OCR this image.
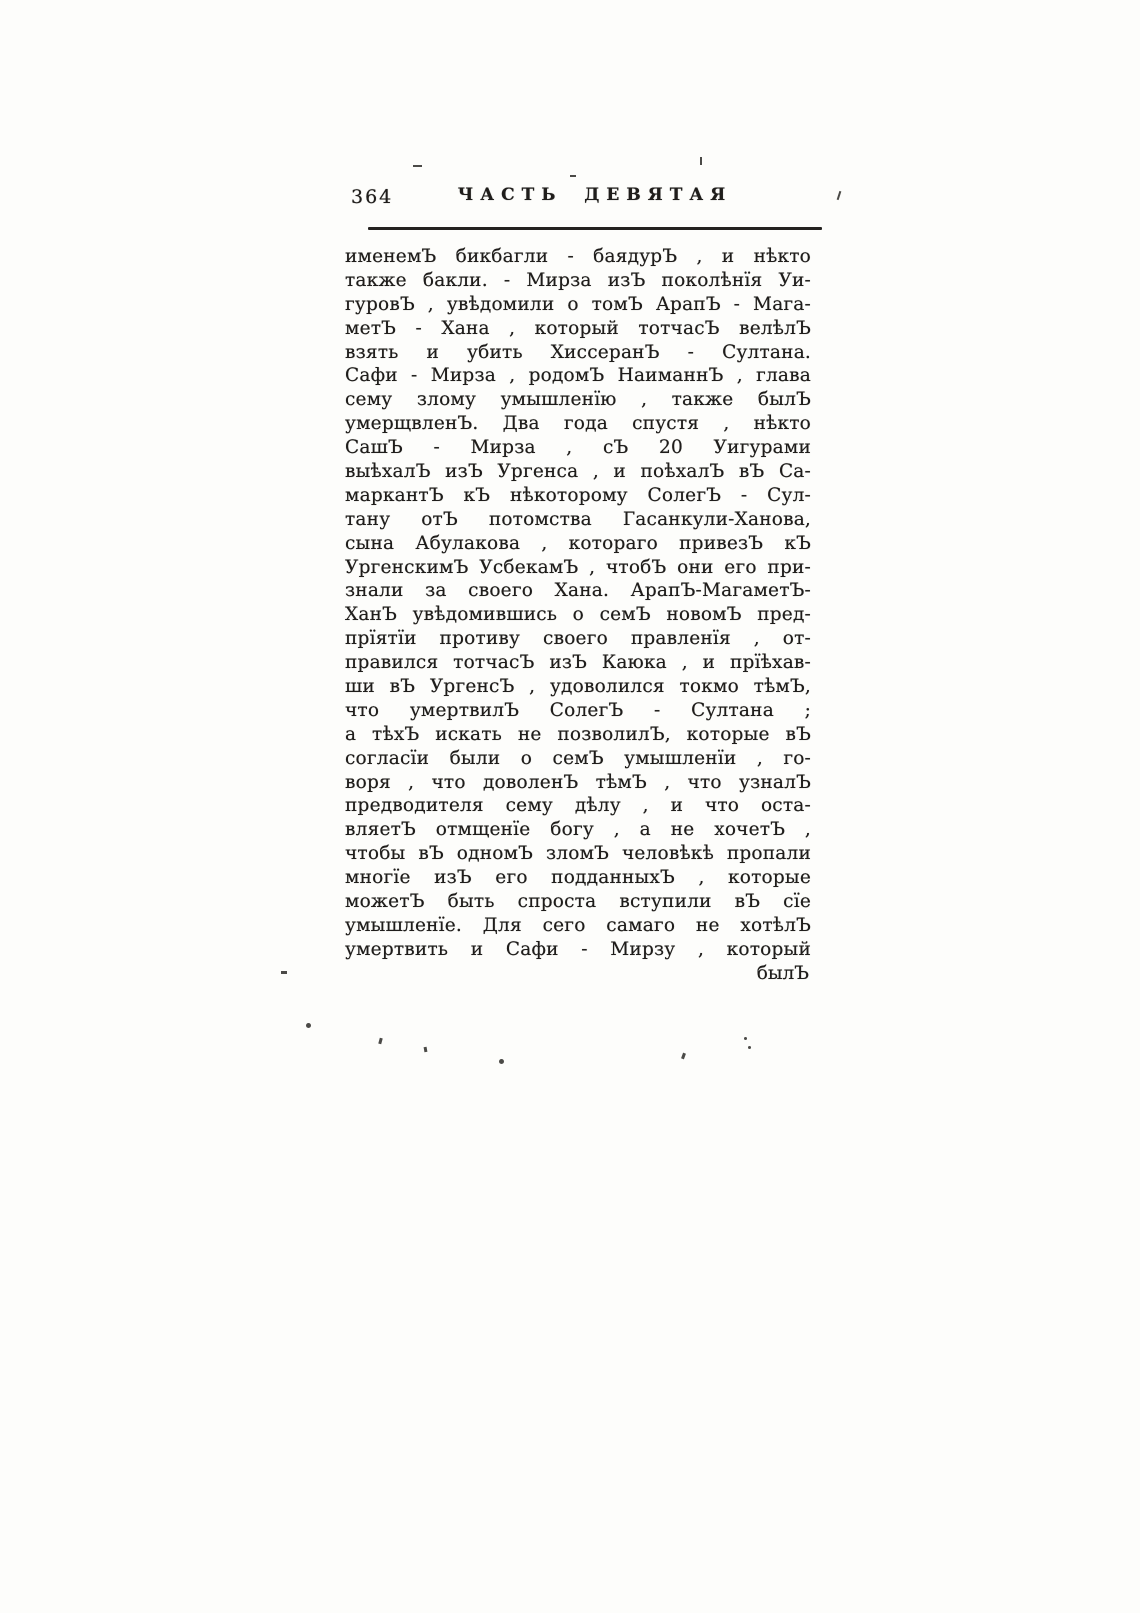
364	ЧАСТЬ ДЕВЯТАЯ
именемЪ бикбагли - баядурЪ , и нѣкто
также бакли. - Мирза изЪ поколѣнїя Уи-
гуровЪ , увѣдомили о томЪ АрапЪ - Мага-
метЪ - Хана , который тотчасЪ велѣлЪ
взять и убить ХиссеранЪ - Султана.
Сафи - Мирза , родомЪ НаиманнЪ , глава
сему злому умышленїю , также былЪ
умерщвленЪ. Два года спустя , нѣкто
СашЪ - Мирза , сЪ 20 Уигурами
выѣхалЪ изЪ Ургенса , и поѣхалЪ вЪ Са-
маркантЪ кЪ нѣкоторому СолегЪ - Сул-
тану отЪ потомства Гасанкули-Ханова,
сына Абулакова , котораго привезЪ кЪ
УргенскимЪ УсбекамЪ , чтобЪ они его при-
знали за своего Хана. АрапЪ-МагаметЪ-
ХанЪ увѣдомившись о семЪ новомЪ пред-
прїятїи противу своего правленїя , от-
правился тотчасЪ изЪ Каюка , и прїѣхав-
ши вЪ УргенсЪ , удоволился токмо тѣмЪ,
что умертвилЪ СолегЪ - Султана ;
а тѣхЪ искать не позволилЪ, которые вЪ
согласїи были о семЪ умышленїи , го-
воря , что доволенЪ тѣмЪ , что узналЪ
предводителя сему дѣлу , и что оста-
вляетЪ отмщенїе богу , а не хочетЪ ,
чтобы вЪ одномЪ зломЪ человѣкѣ пропали
многїе изЪ его подданныхЪ , которые
можетЪ быть спроста вступили вЪ сїе
умышленїе. Для сего самаго не хотѣлЪ
умертвить и Сафи - Мирзу , который
былЪ
